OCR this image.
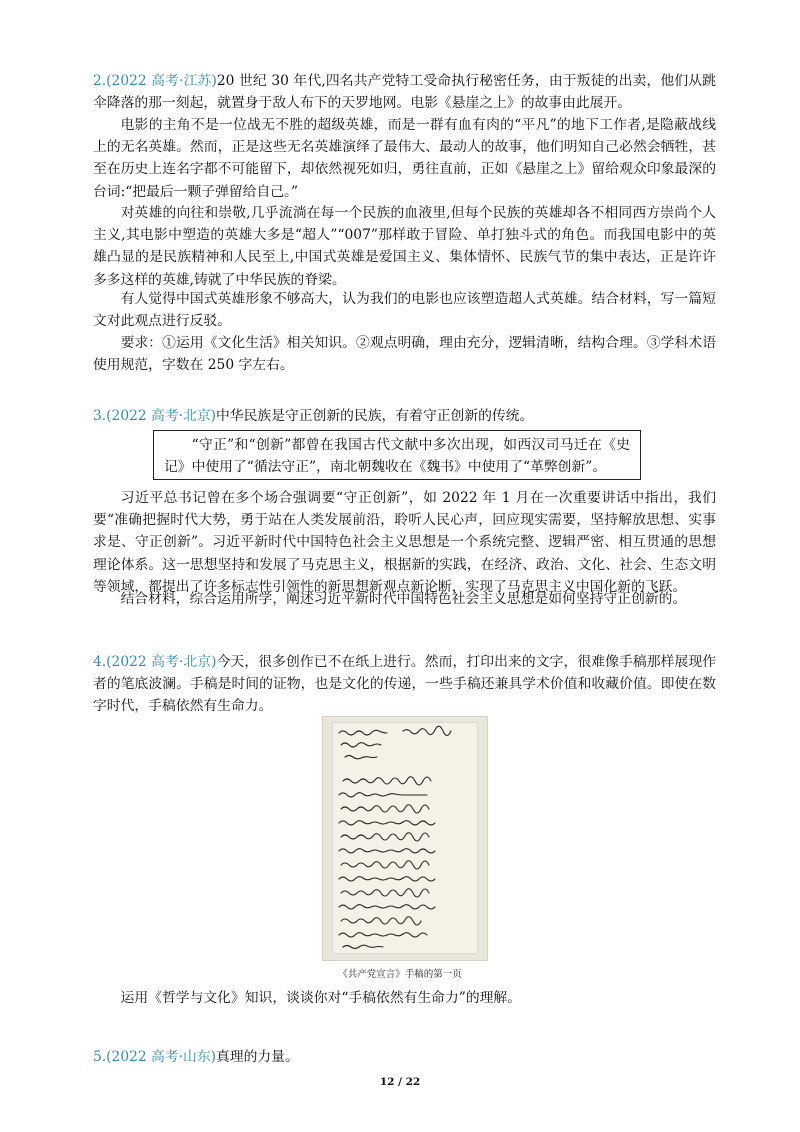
2.(2022 高考·江苏)20 世纪 30 年代,四名共产党特工受命执行秘密任务，由于叛徒的出卖，他们从跳伞降落的那一刻起，就置身于敌人布下的天罗地网。电影《悬崖之上》的故事由此展开。

电影的主角不是一位战无不胜的超级英雄，而是一群有血有肉的“平凡”的地下工作者,是隐蔽战线上的无名英雄。然而，正是这些无名英雄演绎了最伟大、最动人的故事，他们明知自己必然会牺牲，甚至在历史上连名字都不可能留下，却依然视死如归，勇往直前，正如《悬崖之上》留给观众印象最深的台词:“把最后一颗子弹留给自己。”

对英雄的向往和崇敬,几乎流淌在每一个民族的血液里,但每个民族的英雄却各不相同西方崇尚个人主义,其电影中塑造的英雄大多是“超人”“007”那样敢于冒险、单打独斗式的角色。而我国电影中的英雄凸显的是民族精神和人民至上,中国式英雄是爱国主义、集体情怀、民族气节的集中表达，正是许许多多这样的英雄,铸就了中华民族的脊梁。

有人觉得中国式英雄形象不够高大，认为我们的电影也应该塑造超人式英雄。结合材料，写一篇短文对此观点进行反驳。

要求：①运用《文化生活》相关知识。②观点明确，理由充分，逻辑清晰，结构合理。③学科术语使用规范，字数在 250 字左右。

3.(2022 高考·北京)中华民族是守正创新的民族，有着守正创新的传统。

“守正”和“创新”都曾在我国古代文献中多次出现，如西汉司马迁在《史记》中使用了“循法守正”，南北朝魏收在《魏书》中使用了“革弊创新”。

习近平总书记曾在多个场合强调要“守正创新”，如 2022 年 1 月在一次重要讲话中指出，我们要“准确把握时代大势，勇于站在人类发展前沿，聆听人民心声，回应现实需要，坚持解放思想、实事求是、守正创新”。习近平新时代中国特色社会主义思想是一个系统完整、逻辑严密、相互贯通的思想理论体系。这一思想坚持和发展了马克思主义，根据新的实践，在经济、政治、文化、社会、生态文明等领域，都提出了许多标志性引领性的新思想新观点新论断，实现了马克思主义中国化新的飞跃。

结合材料，综合运用所学，阐述习近平新时代中国特色社会主义思想是如何坚持守正创新的。

4.(2022 高考·北京)今天，很多创作已不在纸上进行。然而，打印出来的文字，很难像手稿那样展现作者的笔底波澜。手稿是时间的证物，也是文化的传递，一些手稿还兼具学术价值和收藏价值。即使在数字时代，手稿依然有生命力。

《共产党宣言》手稿的第一页

运用《哲学与文化》知识，谈谈你对“手稿依然有生命力”的理解。

5.(2022 高考·山东)真理的力量。

12 / 22
